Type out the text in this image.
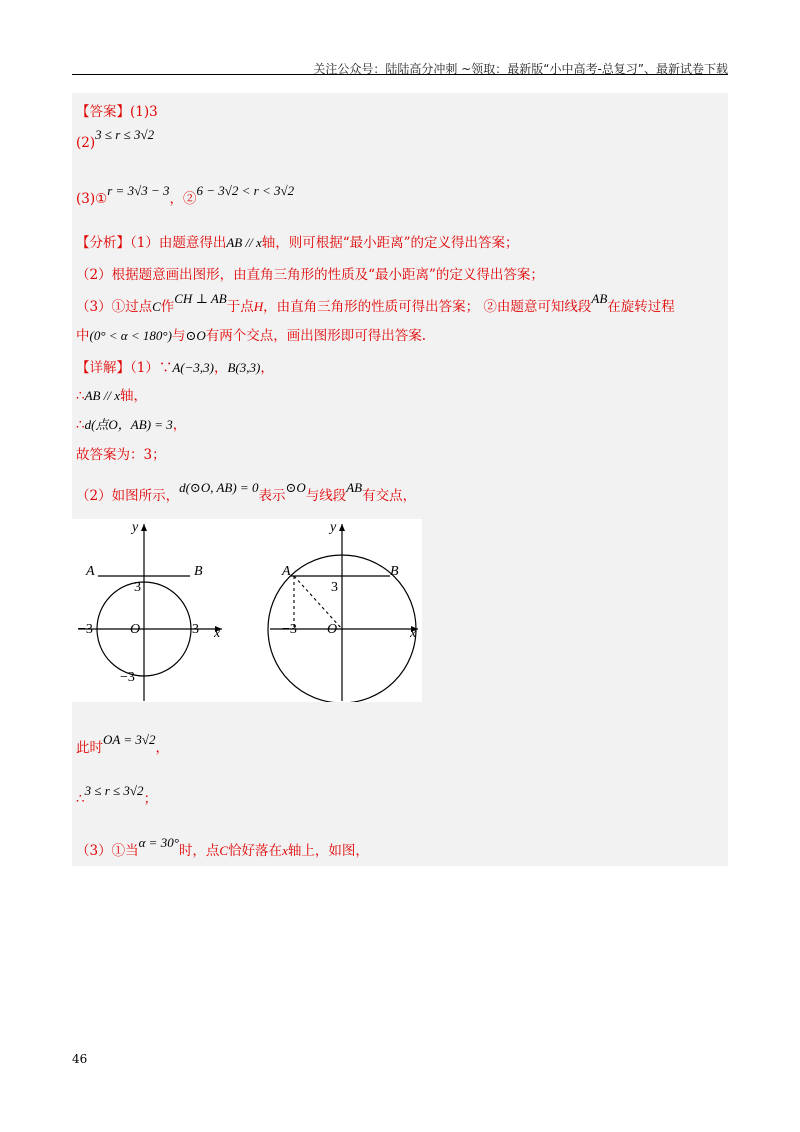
关注公众号：陆陆高分冲刺 ~领取：最新版“小中高考-总复习”、最新试卷下载
【答案】(1)3
(2)3 ≤ r ≤ 3√2
(3)①r = 3√3 − 3，②6 − 3√2 < r < 3√2
【分析】（1）由题意得出AB // x轴，则可根据“最小距离”的定义得出答案；
（2）根据题意画出图形，由直角三角形的性质及“最小距离”的定义得出答案；
（3）①过点C作CH ⊥ AB于点H，由直角三角形的性质可得出答案； ②由题意可知线段AB在旋转过程
中(0° < α < 180°)与⊙O有两个交点，画出图形即可得出答案.
【详解】（1）∵A(−3,3)，B(3,3)，
∴AB // x轴，
∴d(点O，AB) = 3，
故答案为：3；
（2）如图所示，d(⊙O, AB) = 0表示⊙O与线段AB有交点，
y
A	B
3
−3	O	3 x
−3
y
A	B
3
−3 O	x
此时OA = 3√2，
∴3 ≤ r ≤ 3√2；
（3）①当α = 30°时，点C恰好落在x轴上，如图，
46
